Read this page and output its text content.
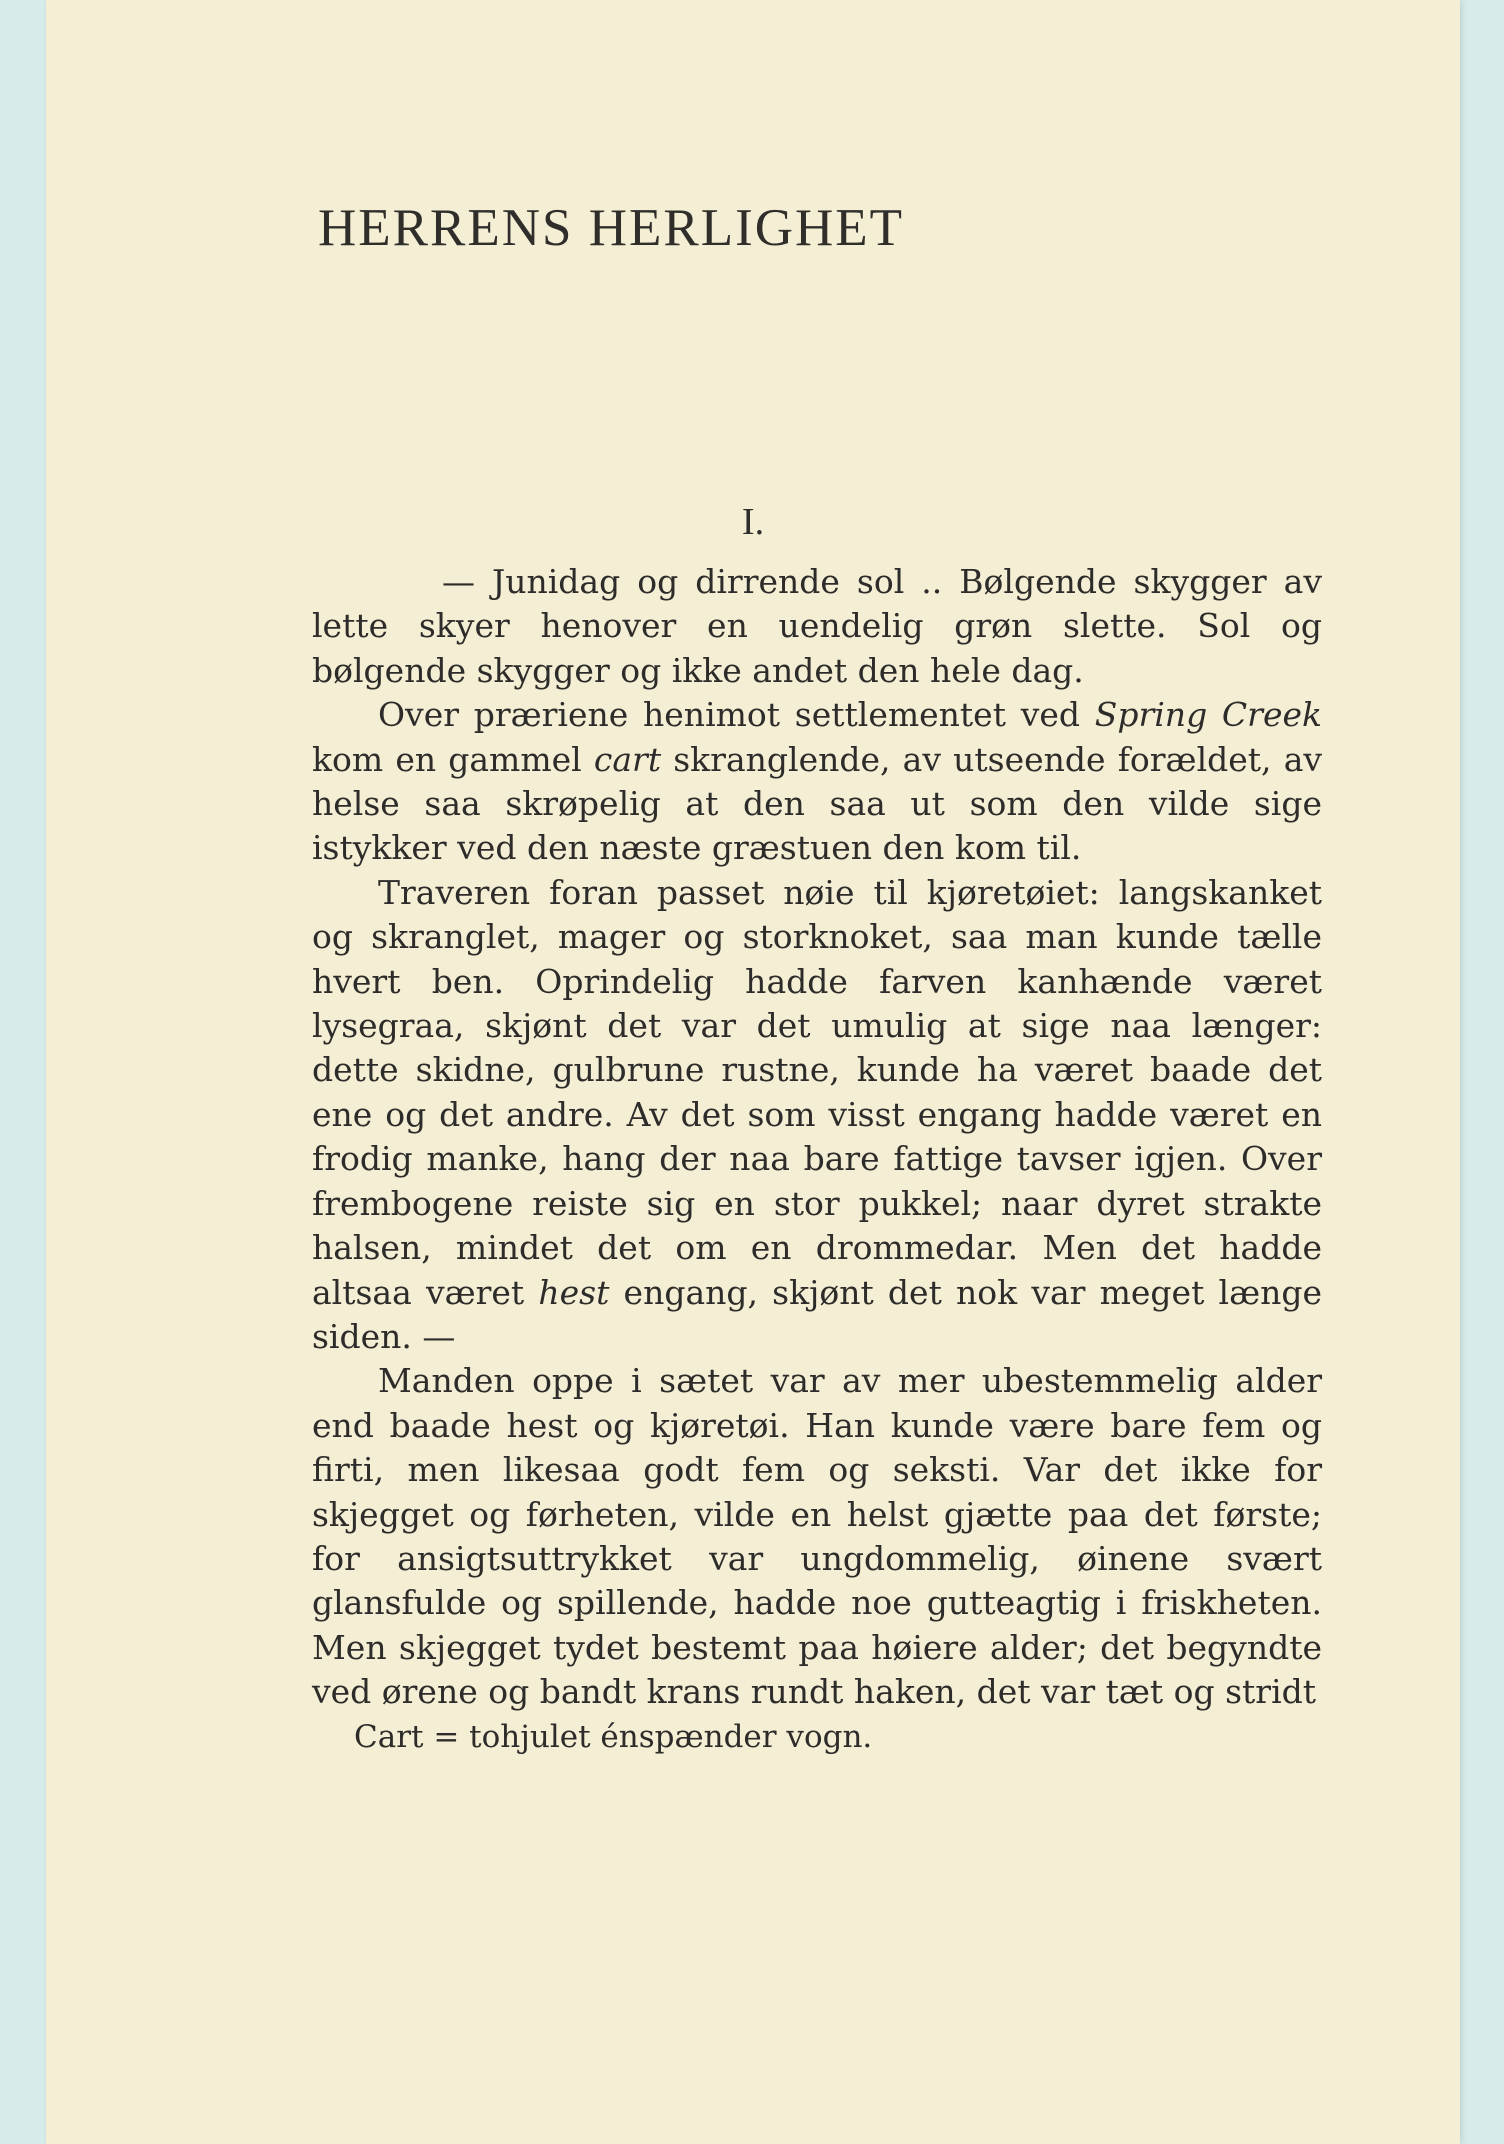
HERRENS HERLIGHET
I.

— Junidag og dirrende sol .. Bølgende skygger av lette skyer henover en uendelig grøn slette. Sol og bølgende skygger og ikke andet den hele dag.

Over præriene henimot settlementet ved Spring Creek kom en gammel cart skranglende, av utseende forældet, av helse saa skrøpelig at den saa ut som den vilde sige istykker ved den næste græstuen den kom til.

Traveren foran passet nøie til kjøretøiet: langskanket og skranglet, mager og storknoket, saa man kunde tælle hvert ben. Oprindelig hadde farven kanhænde været lysegraa, skjønt det var det umulig at sige naa længer: dette skidne, gulbrune rustne, kunde ha været baade det ene og det andre. Av det som visst engang hadde været en frodig manke, hang der naa bare fattige tavser igjen. Over frembogene reiste sig en stor pukkel; naar dyret strakte halsen, mindet det om en drommedar. Men det hadde altsaa været hest engang, skjønt det nok var meget længe siden. —

Manden oppe i sætet var av mer ubestemmelig alder end baade hest og kjøretøi. Han kunde være bare fem og firti, men likesaa godt fem og seksti. Var det ikke for skjegget og førheten, vilde en helst gjætte paa det første; for ansigtsuttrykket var ungdommelig, øinene svært glansfulde og spillende, hadde noe gutteagtig i friskheten. Men skjegget tydet bestemt paa høiere alder; det begyndte ved ørene og bandt krans rundt haken, det var tæt og stridt

Cart = tohjulet énspænder vogn.
